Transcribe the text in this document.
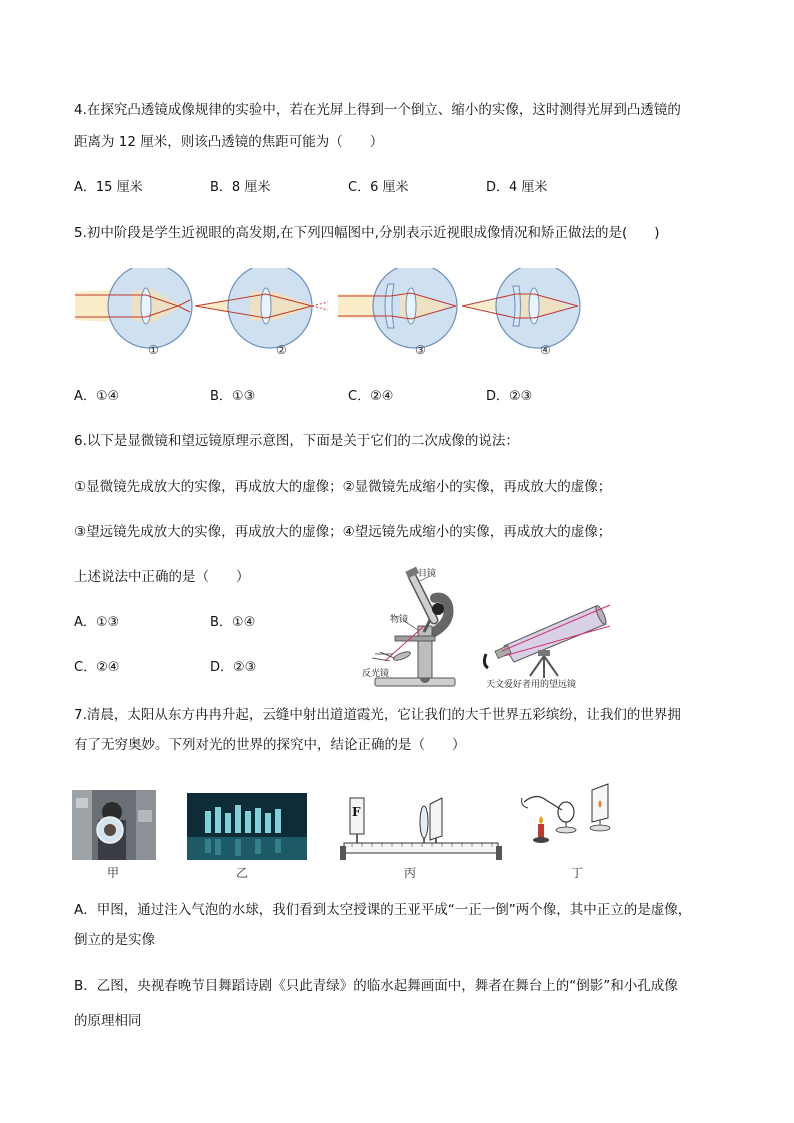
4.在探究凸透镜成像规律的实验中，若在光屏上得到一个倒立、缩小的实像，这时测得光屏到凸透镜的
距离为 12 厘米，则该凸透镜的焦距可能为（　　）
A．15 厘米	B．8 厘米	C．6 厘米	D．4 厘米
5.初中阶段是学生近视眼的高发期,在下列四幅图中,分别表示近视眼成像情况和矫正做法的是(　　)
①	②	③	④
A．①④	B．①③	C．②④	D．②③
6.以下是显微镜和望远镜原理示意图，下面是关于它们的二次成像的说法：
①显微镜先成放大的实像，再成放大的虚像；②显微镜先成缩小的实像，再成放大的虚像；
③望远镜先成放大的实像，再成放大的虚像；④望远镜先成缩小的实像，再成放大的虚像；
上述说法中正确的是（　　）
A．①③	B．①④
C．②④	D．②③
目镜
物镜
反光镜
天文爱好者用的望远镜
7.清晨，太阳从东方冉冉升起，云缝中射出道道霞光，它让我们的大千世界五彩缤纷，让我们的世界拥
有了无穷奥妙。下列对光的世界的探究中，结论正确的是（　　）
F
甲	乙	丙	丁
A．甲图，通过注入气泡的水球，我们看到太空授课的王亚平成“一正一倒”两个像，其中正立的是虚像，
倒立的是实像
B．乙图，央视春晚节目舞蹈诗剧《只此青绿》的临水起舞画面中，舞者在舞台上的“倒影”和小孔成像
的原理相同
